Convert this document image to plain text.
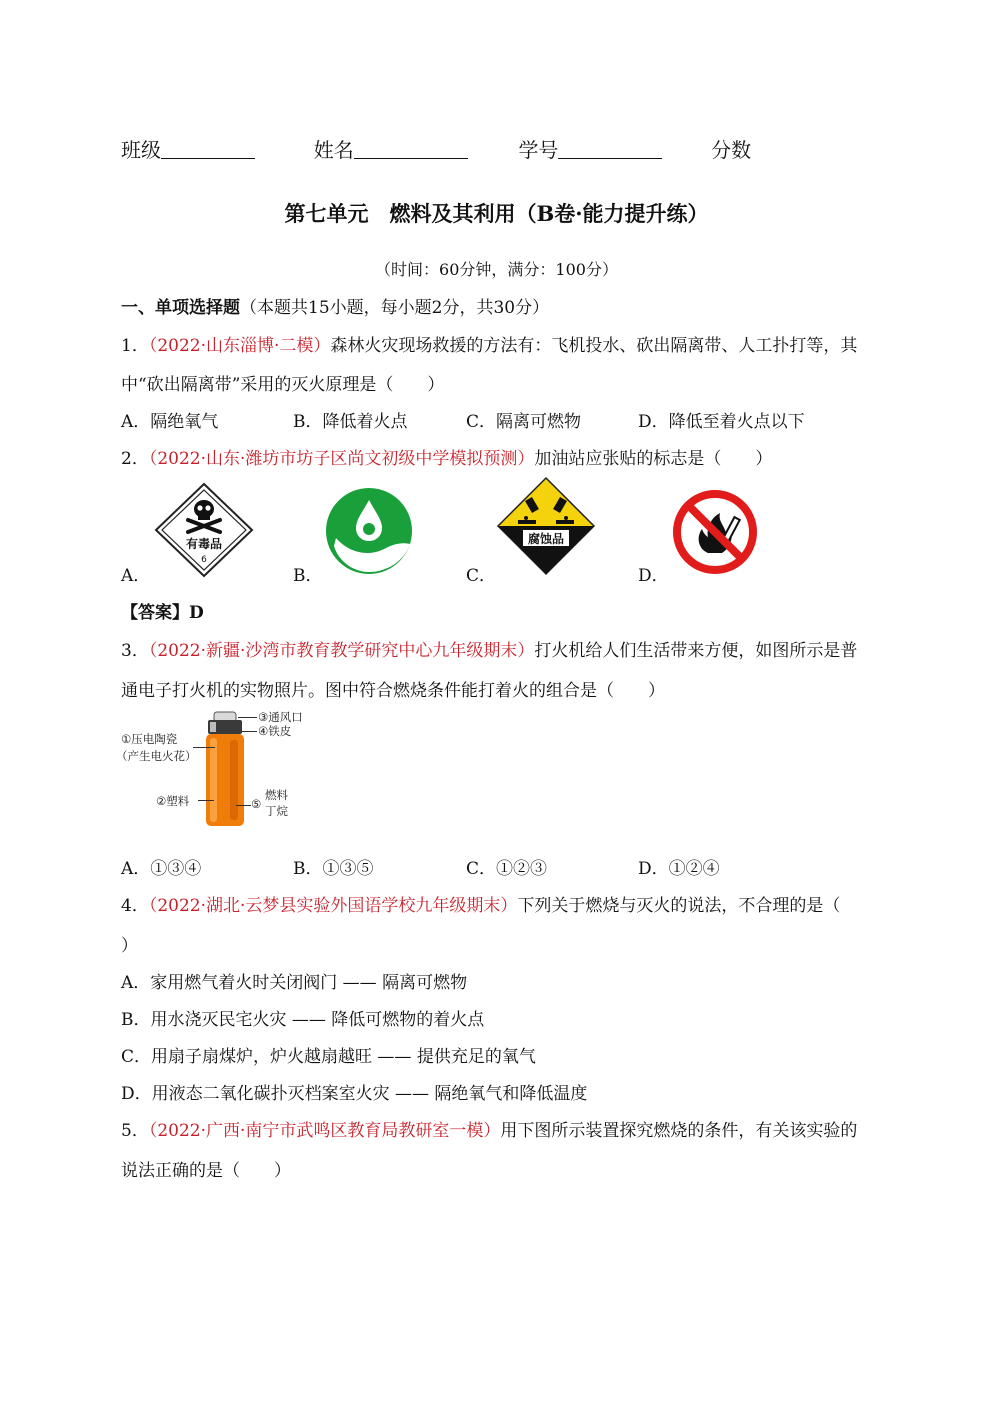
班级	姓名	学号	分数
第七单元　燃料及其利用（B卷·能力提升练）
（时间：60分钟，满分：100分）
一、单项选择题（本题共15小题，每小题2分，共30分）
1．（2022·山东淄博·二模）森林火灾现场救援的方法有：飞机投水、砍出隔离带、人工扑打等，其
中“砍出隔离带”采用的灭火原理是（　　）
A．隔绝氧气	B．降低着火点	C．隔离可燃物	D．降低至着火点以下
2．（2022·山东·潍坊市坊子区尚文初级中学模拟预测）加油站应张贴的标志是（　　）
有毒品
6
腐蚀品
A．	B．	C．	D．
【答案】D
3．（2022·新疆·沙湾市教育教学研究中心九年级期末）打火机给人们生活带来方便，如图所示是普
通电子打火机的实物照片。图中符合燃烧条件能打着火的组合是（　　）
①压电陶瓷
（产生电火花）
②塑料
③通风口
④铁皮
⑤
燃料
丁烷
A．①③④	B．①③⑤	C．①②③	D．①②④
4．（2022·湖北·云梦县实验外国语学校九年级期末）下列关于燃烧与灭火的说法，不合理的是（
）
A．家用燃气着火时关闭阀门 —— 隔离可燃物
B．用水浇灭民宅火灾 —— 降低可燃物的着火点
C．用扇子扇煤炉，炉火越扇越旺 —— 提供充足的氧气
D．用液态二氧化碳扑灭档案室火灾 —— 隔绝氧气和降低温度
5．（2022·广西·南宁市武鸣区教育局教研室一模）用下图所示装置探究燃烧的条件，有关该实验的
说法正确的是（　　）
